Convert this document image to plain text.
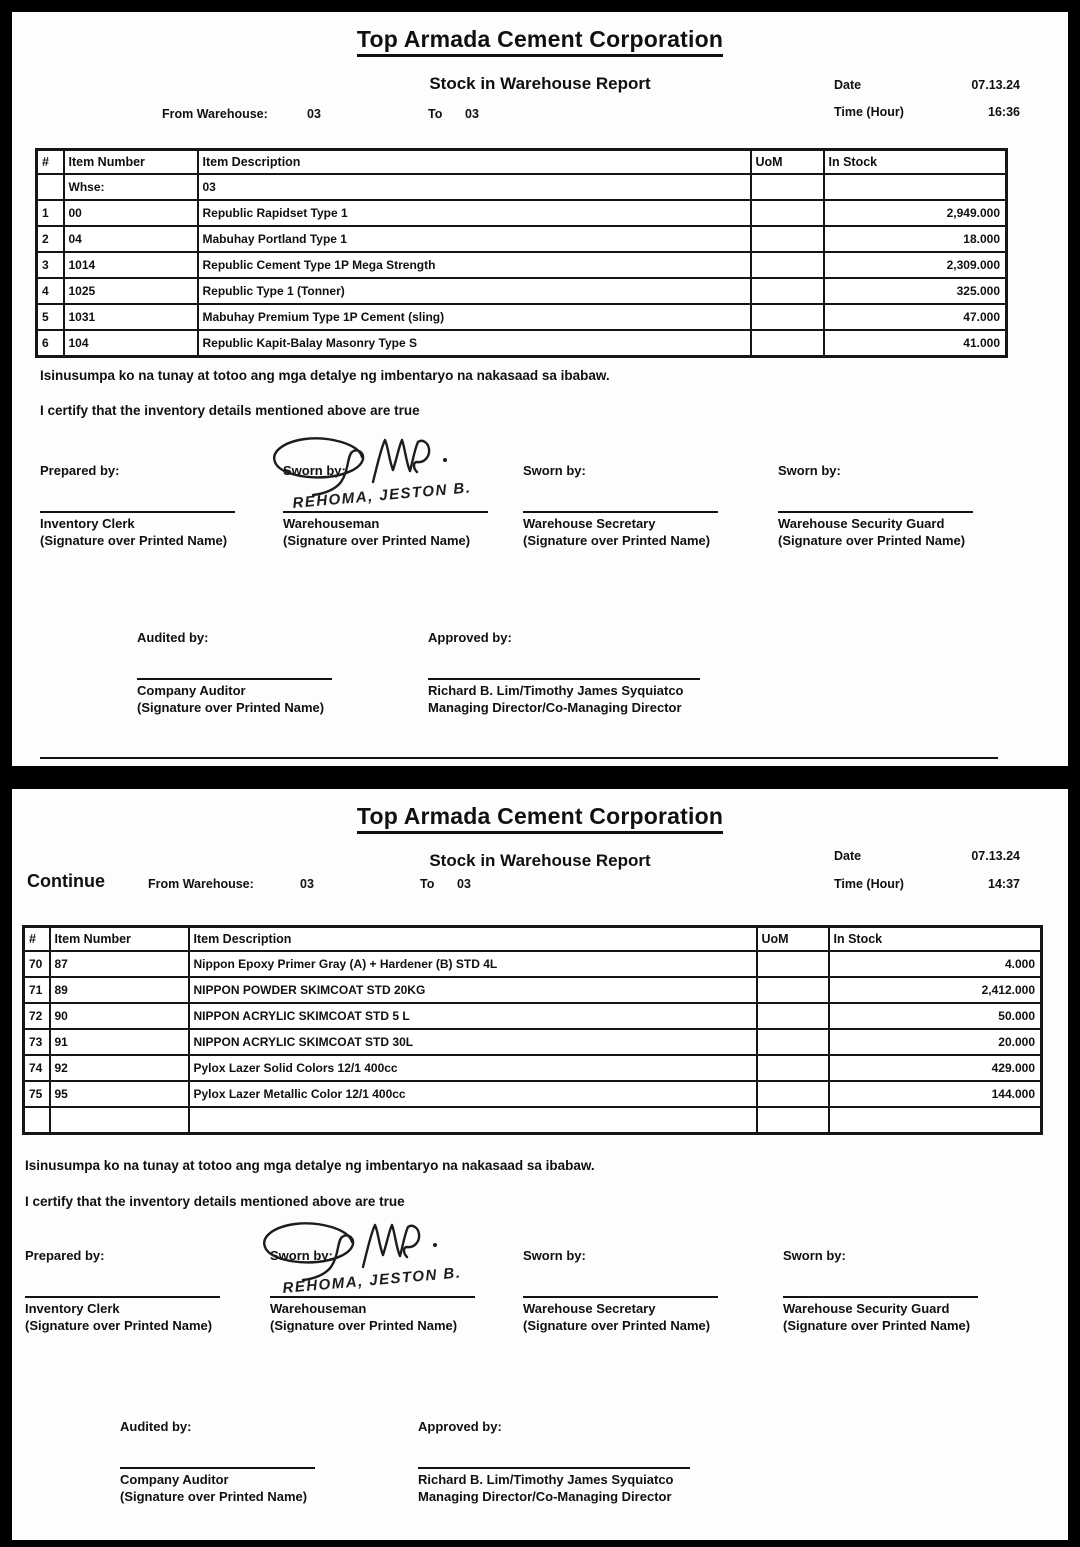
Top Armada Cement Corporation
Stock in Warehouse Report	Date	07.13.24
Time (Hour)	16:36
From Warehouse:	03	To 03
#	Item Number	Item Description	UoM	In Stock
	Whse:	03		
1	00	Republic Rapidset Type 1		2,949.000
2	04	Mabuhay Portland Type 1		18.000
3	1014	Republic Cement Type 1P Mega Strength		2,309.000
4	1025	Republic Type 1 (Tonner)		325.000
5	1031	Mabuhay Premium Type 1P Cement (sling)		47.000
6	104	Republic Kapit-Balay Masonry Type S		41.000
Isinusumpa ko na tunay at totoo ang mga detalye ng imbentaryo na nakasaad sa ibabaw.
I certify that the inventory details mentioned above are true
Prepared by:
Inventory Clerk
(Signature over Printed Name)
Sworn by:
Warehouseman
(Signature over Printed Name)
Sworn by:
Warehouse Secretary
(Signature over Printed Name)
Sworn by:
Warehouse Security Guard
(Signature over Printed Name)
REHOMA, JESTON B.
Audited by:
Company Auditor
(Signature over Printed Name)
Approved by:
Richard B. Lim/Timothy James Syquiatco
Managing Director/Co-Managing Director
Top Armada Cement Corporation
Stock in Warehouse Report	Date	07.13.24
Time (Hour)	14:37
Continue	From Warehouse:	03	To 03
#	Item Number	Item Description	UoM	In Stock
70	87	Nippon Epoxy Primer Gray (A) + Hardener (B) STD 4L		4.000
71	89	NIPPON POWDER SKIMCOAT STD 20KG		2,412.000
72	90	NIPPON ACRYLIC SKIMCOAT STD 5 L		50.000
73	91	NIPPON ACRYLIC SKIMCOAT STD 30L		20.000
74	92	Pylox Lazer Solid Colors 12/1 400cc		429.000
75	95	Pylox Lazer Metallic Color 12/1 400cc		144.000

Isinusumpa ko na tunay at totoo ang mga detalye ng imbentaryo na nakasaad sa ibabaw.
I certify that the inventory details mentioned above are true
Prepared by:
Inventory Clerk
(Signature over Printed Name)
Sworn by:
Warehouseman
(Signature over Printed Name)
Sworn by:
Warehouse Secretary
(Signature over Printed Name)
Sworn by:
Warehouse Security Guard
(Signature over Printed Name)
REHOMA, JESTON B.
Audited by:
Company Auditor
(Signature over Printed Name)
Approved by:
Richard B. Lim/Timothy James Syquiatco
Managing Director/Co-Managing Director
